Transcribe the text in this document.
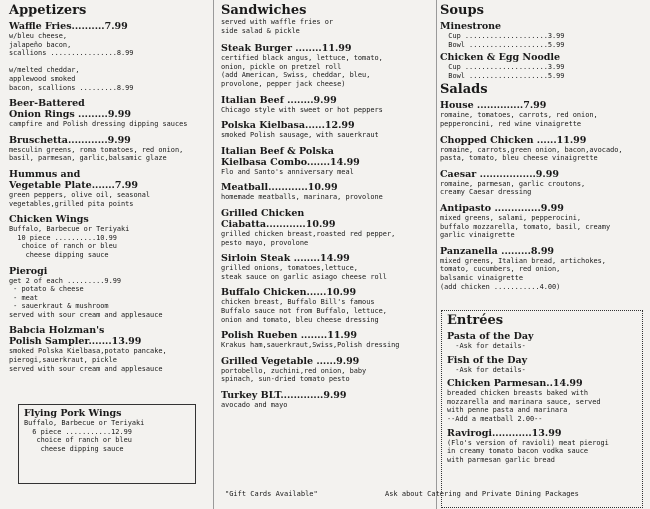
Appetizers
Waffle Fries..........7.99
w/bleu cheese,
jalapeño bacon,
scallions ................8.99

w/melted cheddar,
applewood smoked
bacon, scallions .........8.99
Beer-Battered
Onion Rings .........9.99
campfire and Polish dressing dipping sauces
Bruschetta............9.99
mesculin greens, roma tomatoes, red onion,
basil, parmesan, garlic,balsamic glaze
Hummus and
Vegetable Plate.......7.99
green peppers, olive oil, seasonal
vegetables,grilled pita points
Chicken Wings
Buffalo, Barbecue or Teriyaki
10 piece ..........10.99
choice of ranch or bleu
cheese dipping sauce
Pierogi
get 2 of each .........9.99
- potato & cheese
- meat
- sauerkraut & mushroom
served with sour cream and applesauce
Babcia Holzman's
Polish Sampler.......13.99
smoked Polska Kielbasa,potato pancake,
pierogi,sauerkraut, pickle
served with sour cream and applesauce
Flying Pork Wings
Buffalo, Barbecue or Teriyaki
6 piece ...........12.99
choice of ranch or bleu
cheese dipping sauce
Sandwiches
served with waffle fries or
side salad & pickle
Steak Burger ........11.99
certified black angus, lettuce, tomato,
onion, pickle on pretzel roll
(add American, Swiss, cheddar, bleu,
provolone, pepper jack cheese)
Italian Beef ........9.99
Chicago style with sweet or hot peppers
Polska Kielbasa......12.99
smoked Polish sausage, with sauerkraut
Italian Beef & Polska
Kielbasa Combo.......14.99
Flo and Santo's anniversary meal
Meatball............10.99
homemade meatballs, marinara, provolone
Grilled Chicken
Ciabatta............10.99
grilled chicken breast,roasted red pepper,
pesto mayo, provolone
Sirloin Steak ........14.99
grilled onions, tomatoes,lettuce,
steak sauce on garlic asiago cheese roll
Buffalo Chicken......10.99
chicken breast, Buffalo Bill's famous
Buffalo sauce not from Buffalo, lettuce,
onion and tomato, bleu cheese dressing
Polish Rueben ........11.99
Krakus ham,sauerkraut,Swiss,Polish dressing
Grilled Vegetable ......9.99
portobello, zuchini,red onion, baby
spinach, sun-dried tomato pesto
Turkey BLT.............9.99
avocado and mayo
Soups
Minestrone
Cup ....................3.99
Bowl ...................5.99
Chicken & Egg Noodle
Cup ....................3.99
Bowl ...................5.99
Salads
House ..............7.99
romaine, tomatoes, carrots, red onion,
pepperoncini, red wine vinaigrette
Chopped Chicken ......11.99
romaine, carrots,green onion, bacon,avocado,
pasta, tomato, bleu cheese vinaigrette
Caesar .................9.99
romaine, parmesan, garlic croutons,
creamy Caesar dressing
Antipasto ..............9.99
mixed greens, salami, pepperocini,
buffalo mozzarella, tomato, basil, creamy
garlic vinaigrette
Panzanella .........8.99
mixed greens, Italian bread, artichokes,
tomato, cucumbers, red onion,
balsamic vinaigrette
(add chicken ...........4.00)
Entrées
Pasta of the Day
-Ask for details-
Fish of the Day
-Ask for details-
Chicken Parmesan..14.99
breaded chicken breasts baked with
mozzarella and marinara sauce, served
with penne pasta and marinara
--Add a meatball 2.00--
Ravirogi............13.99
(Flo's version of ravioli) meat pierogi
in creamy tomato bacon vodka sauce
with parmesan garlic bread
"Gift Cards Available"	Ask about Catering and Private Dining Packages
